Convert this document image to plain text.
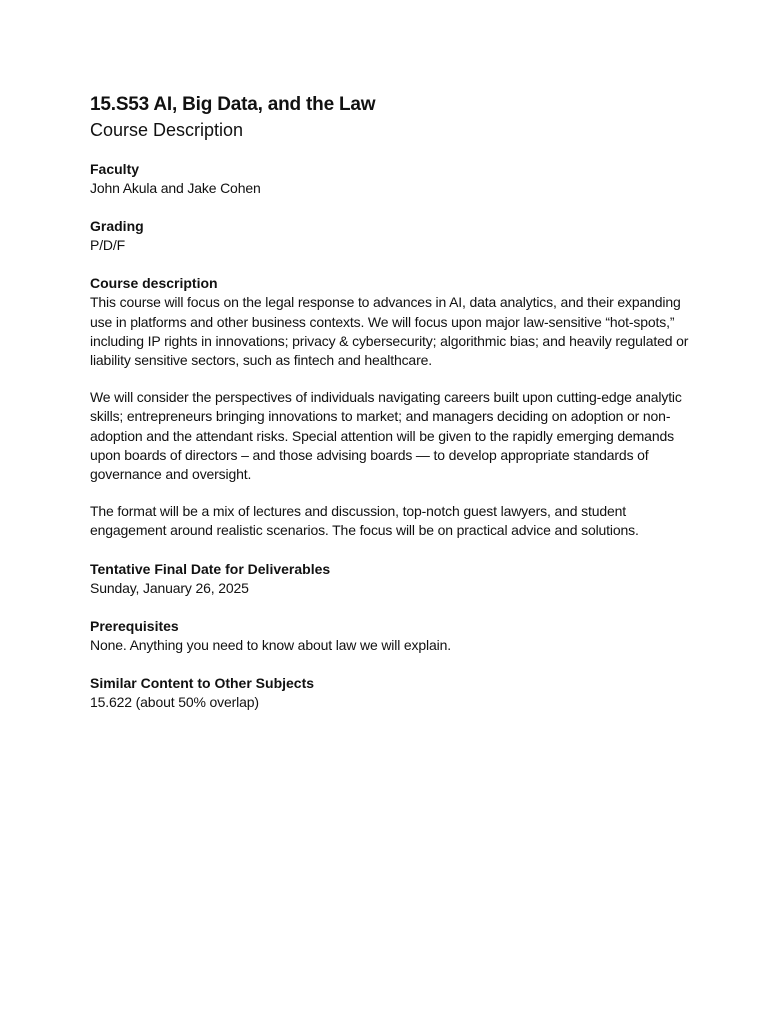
15.S53 AI, Big Data, and the Law
Course Description
Faculty
John Akula and Jake Cohen
Grading
P/D/F
Course description

This course will focus on the legal response to advances in AI, data analytics, and their expanding use in platforms and other business contexts. We will focus upon major law-sensitive “hot-spots,” including IP rights in innovations; privacy & cybersecurity; algorithmic bias; and heavily regulated or liability sensitive sectors, such as fintech and healthcare.

We will consider the perspectives of individuals navigating careers built upon cutting-edge analytic skills; entrepreneurs bringing innovations to market; and managers deciding on adoption or non-adoption and the attendant risks. Special attention will be given to the rapidly emerging demands upon boards of directors – and those advising boards — to develop appropriate standards of governance and oversight.

The format will be a mix of lectures and discussion, top-notch guest lawyers, and student engagement around realistic scenarios. The focus will be on practical advice and solutions.

Tentative Final Date for Deliverables
Sunday, January 26, 2025
Prerequisites
None. Anything you need to know about law we will explain.
Similar Content to Other Subjects
15.622 (about 50% overlap)
